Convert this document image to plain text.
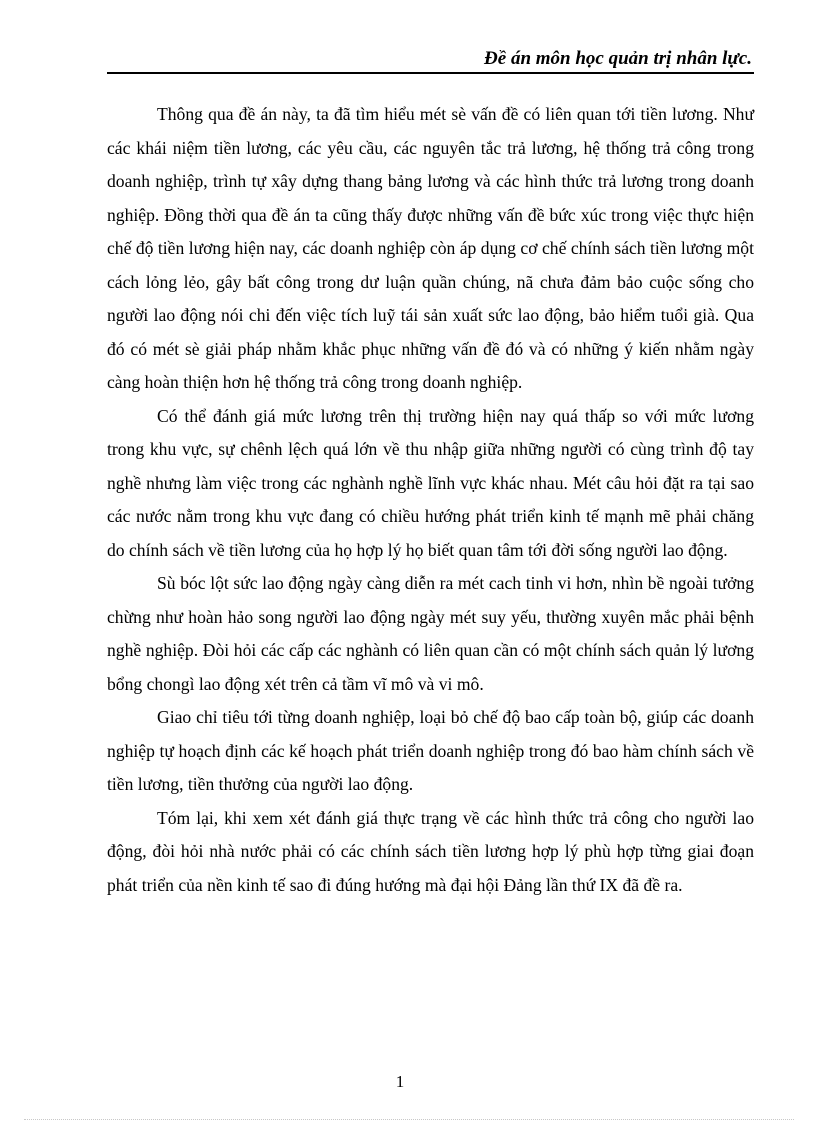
Đề án môn học quản trị nhân lực.

Thông qua đề án này, ta đã tìm hiểu mét sè vấn đề có liên quan tới tiền lương. Như các khái niệm tiền lương, các yêu cầu, các nguyên tắc trả lương, hệ thống trả công trong doanh nghiệp, trình tự xây dựng thang bảng lương và các hình thức trả lương trong doanh nghiệp. Đồng thời qua đề án ta cũng thấy được những vấn đề bức xúc trong việc thực hiện chế độ tiền lương hiện nay, các doanh nghiệp còn áp dụng cơ chế chính sách tiền lương một cách lỏng lẻo, gây bất công trong dư luận quần chúng, nã chưa đảm bảo cuộc sống cho người lao động nói chi đến việc tích luỹ tái sản xuất sức lao động, bảo hiểm tuổi già. Qua đó có mét sè giải pháp nhằm khắc phục những vấn đề đó và có những ý kiến nhằm ngày càng hoàn thiện hơn hệ thống trả công trong doanh nghiệp.

Có thể đánh giá mức lương trên thị trường hiện nay quá thấp so với mức lương trong khu vực, sự chênh lệch quá lớn về thu nhập giữa những người có cùng trình độ tay nghề nhưng làm việc trong các nghành nghề lĩnh vực khác nhau. Mét câu hỏi đặt ra tại sao các nước nằm trong khu vực đang có chiều hướng phát triển kinh tế mạnh mẽ phải chăng do chính sách về tiền lương của họ hợp lý họ biết quan tâm tới đời sống người lao động.

Sù bóc lột sức lao động ngày càng diễn ra mét cach tinh vi hơn, nhìn bề ngoài tưởng chừng như hoàn hảo song người lao động ngày mét suy yếu, thường xuyên mắc phải bệnh nghề nghiệp. Đòi hỏi các cấp các nghành có liên quan cần có một chính sách quản lý lương bổng chongì lao động xét trên cả tầm vĩ mô và vi mô.

Giao chỉ tiêu tới từng doanh nghiệp, loại bỏ chế độ bao cấp toàn bộ, giúp các doanh nghiệp tự hoạch định các kế hoạch phát triển doanh nghiệp trong đó bao hàm chính sách về tiền lương, tiền thưởng của người lao động.

Tóm lại, khi xem xét đánh giá thực trạng về các hình thức trả công cho người lao động, đòi hỏi nhà nước phải có các chính sách tiền lương hợp lý phù hợp từng giai đoạn phát triển của nền kinh tế sao đi đúng hướng mà đại hội Đảng lần thứ IX đã đề ra.

1
